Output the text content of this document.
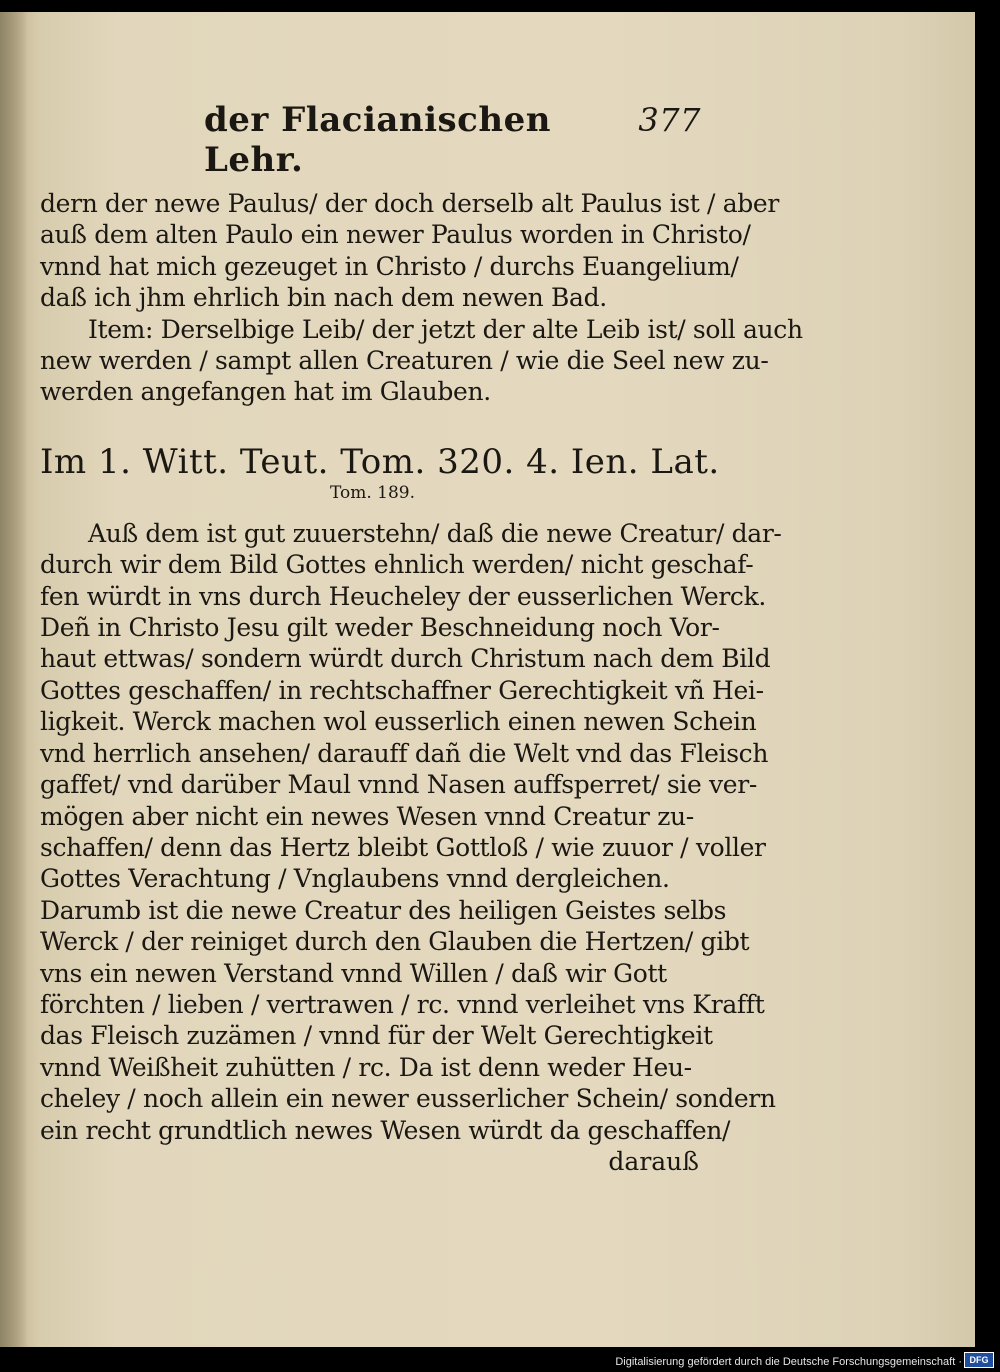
der Flacianischen Lehr.
377
dern der newe Paulus/ der doch derselb alt Paulus ist / aber
auß dem alten Paulo ein newer Paulus worden in Christo/
vnnd hat mich gezeuget in Christo / durchs Euangelium/
daß ich jhm ehrlich bin nach dem newen Bad.
Item: Derselbige Leib/ der jetzt der alte Leib ist/ soll auch
new werden / sampt allen Creaturen / wie die Seel new zu-
werden angefangen hat im Glauben.
Im 1. Witt. Teut. Tom. 320. 4. Ien. Lat.
Tom. 189.
Auß dem ist gut zuuerstehn/ daß die newe Creatur/ dar-
durch wir dem Bild Gottes ehnlich werden/ nicht geschaf-
fen würdt in vns durch Heucheley der eusserlichen Werck.
Deñ in Christo Jesu gilt weder Beschneidung noch Vor-
haut ettwas/ sondern würdt durch Christum nach dem Bild
Gottes geschaffen/ in rechtschaffner Gerechtigkeit vñ Hei-
ligkeit. Werck machen wol eusserlich einen newen Schein
vnd herrlich ansehen/ darauff dañ die Welt vnd das Fleisch
gaffet/ vnd darüber Maul vnnd Nasen auffsperret/ sie ver-
mögen aber nicht ein newes Wesen vnnd Creatur zu-
schaffen/ denn das Hertz bleibt Gottloß / wie zuuor / voller
Gottes Verachtung / Vnglaubens vnnd dergleichen.
Darumb ist die newe Creatur des heiligen Geistes selbs
Werck / der reiniget durch den Glauben die Hertzen/ gibt
vns ein newen Verstand vnnd Willen / daß wir Gott
förchten / lieben / vertrawen / rc. vnnd verleihet vns Krafft
das Fleisch zuzämen / vnnd für der Welt Gerechtigkeit
vnnd Weißheit zuhütten / rc. Da ist denn weder Heu-
cheley / noch allein ein newer eusserlicher Schein/ sondern
ein recht grundtlich newes Wesen würdt da geschaffen/
darauß
Digitalisierung gefördert durch die Deutsche Forschungsgemeinschaft · DFG
